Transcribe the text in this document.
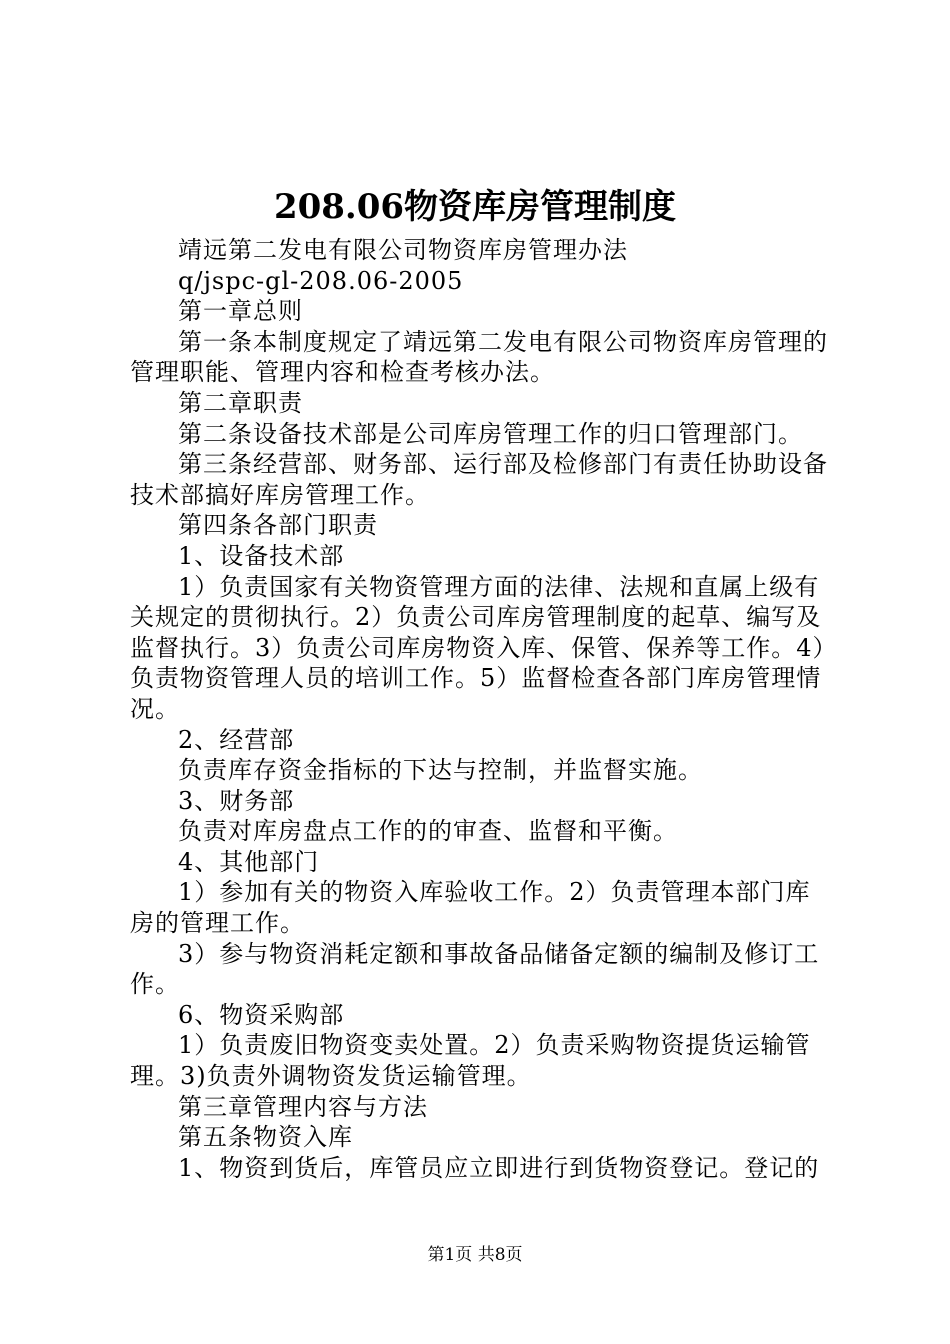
208.06物资库房管理制度

靖远第二发电有限公司物资库房管理办法

q/jspc-gl-208.06-2005

第一章总则

第一条本制度规定了靖远第二发电有限公司物资库房管理的管理职能、管理内容和检查考核办法。

第二章职责

第二条设备技术部是公司库房管理工作的归口管理部门。

第三条经营部、财务部、运行部及检修部门有责任协助设备技术部搞好库房管理工作。

第四条各部门职责

1、设备技术部

1）负责国家有关物资管理方面的法律、法规和直属上级有关规定的贯彻执行。2）负责公司库房管理制度的起草、编写及监督执行。3）负责公司库房物资入库、保管、保养等工作。4）负责物资管理人员的培训工作。5）监督检查各部门库房管理情况。

2、经营部

负责库存资金指标的下达与控制，并监督实施。

3、财务部

负责对库房盘点工作的的审查、监督和平衡。

4、其他部门

1）参加有关的物资入库验收工作。2）负责管理本部门库房的管理工作。

3）参与物资消耗定额和事故备品储备定额的编制及修订工作。

6、物资采购部

1）负责废旧物资变卖处置。2）负责采购物资提货运输管理。3)负责外调物资发货运输管理。

第三章管理内容与方法

第五条物资入库

1、物资到货后，库管员应立即进行到货物资登记。登记的

第1页 共8页
